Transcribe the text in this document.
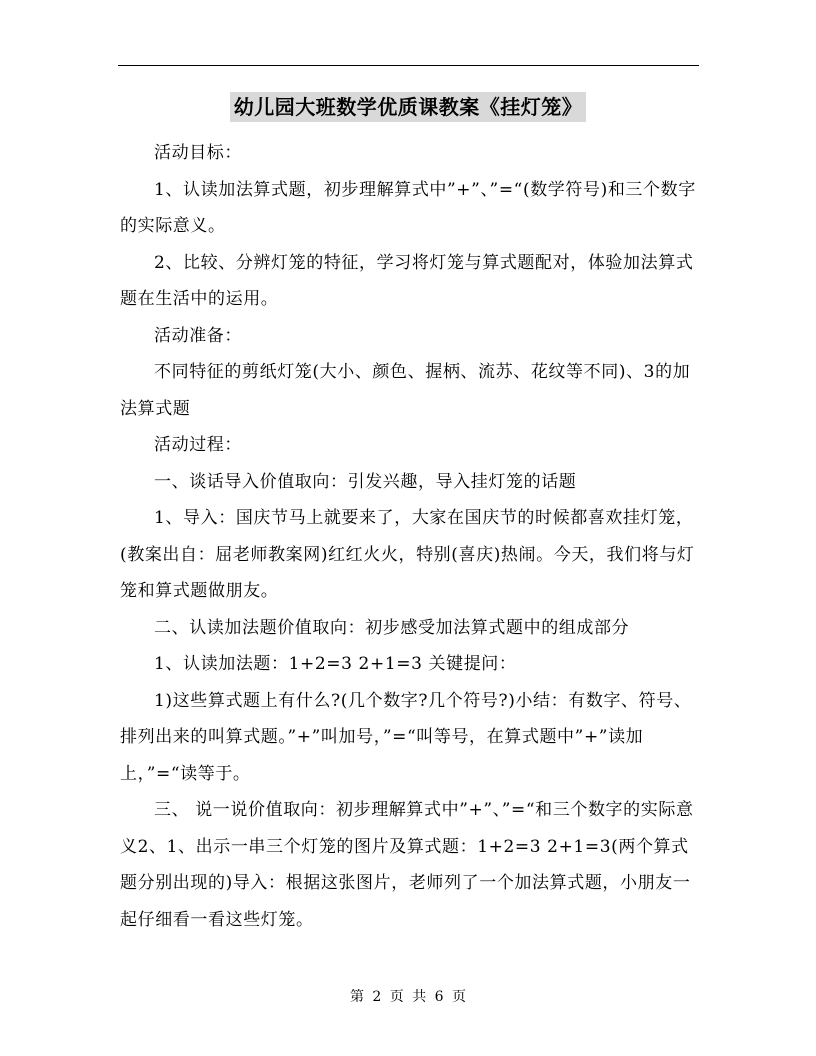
幼儿园大班数学优质课教案《挂灯笼》

活动目标：

1、认读加法算式题，初步理解算式中”+”、”=“(数学符号)和三个数字的实际意义。

2、比较、分辨灯笼的特征，学习将灯笼与算式题配对，体验加法算式题在生活中的运用。

活动准备：

不同特征的剪纸灯笼(大小、颜色、握柄、流苏、花纹等不同)、3的加法算式题

活动过程：

一、谈话导入价值取向：引发兴趣，导入挂灯笼的话题

1、导入：国庆节马上就要来了，大家在国庆节的时候都喜欢挂灯笼，(教案出自：屈老师教案网)红红火火，特别(喜庆)热闹。今天，我们将与灯笼和算式题做朋友。

二、认读加法题价值取向：初步感受加法算式题中的组成部分

1、认读加法题：1+2=3 2+1=3 关键提问：

1)这些算式题上有什么?(几个数字?几个符号?)小结：有数字、符号、排列出来的叫算式题。”+”叫加号，”=“叫等号，在算式题中”+”读加上，”=“读等于。

三、 说一说价值取向：初步理解算式中”+”、”=“和三个数字的实际意义2、1、出示一串三个灯笼的图片及算式题：1+2=3 2+1=3(两个算式题分别出现的)导入：根据这张图片，老师列了一个加法算式题，小朋友一起仔细看一看这些灯笼。

第 2 页 共 6 页
